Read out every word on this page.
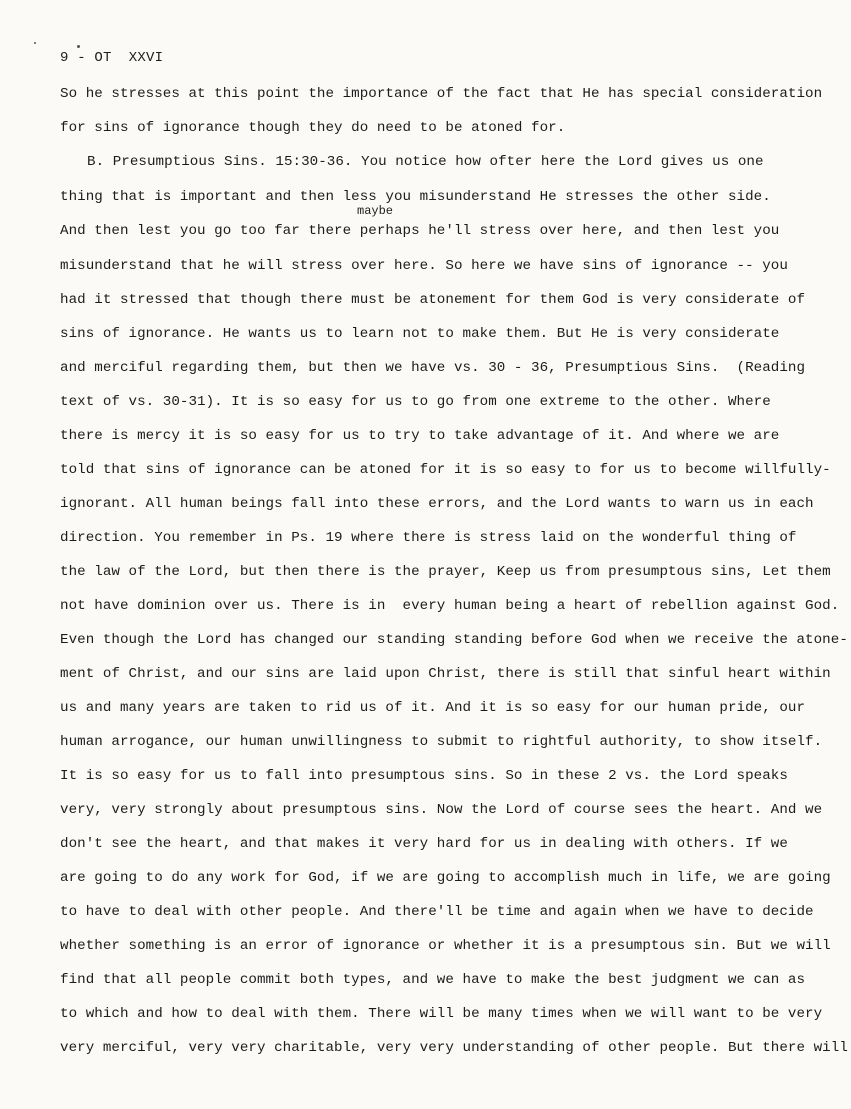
9 - OT  XXVI
maybe
So he stresses at this point the importance of the fact that He has special consideration
for sins of ignorance though they do need to be atoned for.
B. Presumptious Sins. 15:30-36. You notice how ofter here the Lord gives us one
thing that is important and then less you misunderstand He stresses the other side.
And then lest you go too far there perhaps he'll stress over here, and then lest you
misunderstand that he will stress over here. So here we have sins of ignorance -- you
had it stressed that though there must be atonement for them God is very considerate of
sins of ignorance. He wants us to learn not to make them. But He is very considerate
and merciful regarding them, but then we have vs. 30 - 36, Presumptious Sins.  (Reading
text of vs. 30-31). It is so easy for us to go from one extreme to the other. Where
there is mercy it is so easy for us to try to take advantage of it. And where we are
told that sins of ignorance can be atoned for it is so easy to for us to become willfully-
ignorant. All human beings fall into these errors, and the Lord wants to warn us in each
direction. You remember in Ps. 19 where there is stress laid on the wonderful thing of
the law of the Lord, but then there is the prayer, Keep us from presumptous sins, Let them
not have dominion over us. There is in  every human being a heart of rebellion against God.
Even though the Lord has changed our standing standing before God when we receive the atone-
ment of Christ, and our sins are laid upon Christ, there is still that sinful heart within
us and many years are taken to rid us of it. And it is so easy for our human pride, our
human arrogance, our human unwillingness to submit to rightful authority, to show itself.
It is so easy for us to fall into presumptous sins. So in these 2 vs. the Lord speaks
very, very strongly about presumptous sins. Now the Lord of course sees the heart. And we
don't see the heart, and that makes it very hard for us in dealing with others. If we
are going to do any work for God, if we are going to accomplish much in life, we are going
to have to deal with other people. And there'll be time and again when we have to decide
whether something is an error of ignorance or whether it is a presumptous sin. But we will
find that all people commit both types, and we have to make the best judgment we can as
to which and how to deal with them. There will be many times when we will want to be very
very merciful, very very charitable, very very understanding of other people. But there will
